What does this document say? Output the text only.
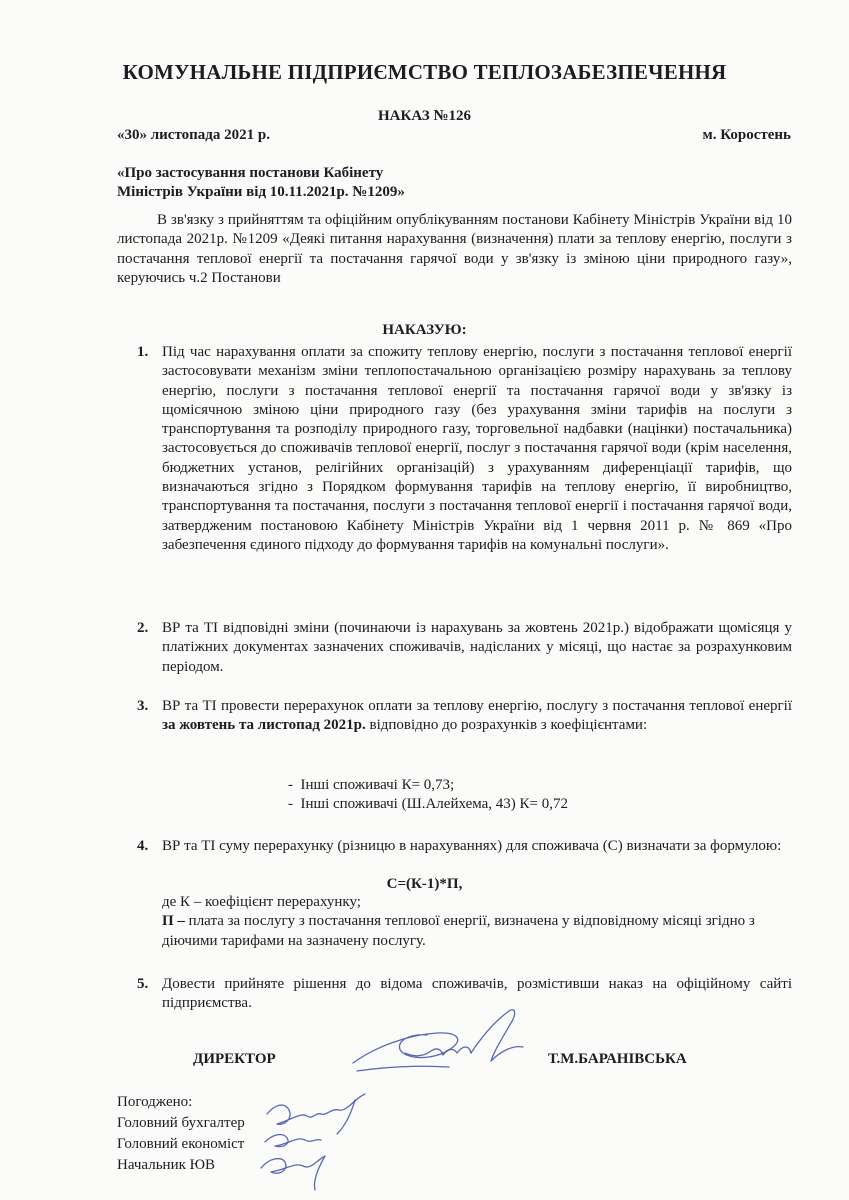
КОМУНАЛЬНЕ ПІДПРИЄМСТВО ТЕПЛОЗАБЕЗПЕЧЕННЯ
НАКАЗ №126
«30» листопада 2021 р.	м. Коростень
«Про застосування постанови Кабінету
Міністрів України від 10.11.2021р. №1209»
В зв'язку з прийняттям та офіційним опублікуванням постанови Кабінету Міністрів України від 10 листопада 2021р. №1209 «Деякі питання нарахування (визначення) плати за теплову енергію, послуги з постачання теплової енергії та постачання гарячої води у зв'язку із зміною ціни природного газу», керуючись ч.2 Постанови
НАКАЗУЮ:
1. Під час нарахування оплати за спожиту теплову енергію, послуги з постачання теплової енергії застосовувати механізм зміни теплопостачальною організацією розміру нарахувань за теплову енергію, послуги з постачання теплової енергії та постачання гарячої води у зв'язку із щомісячною зміною ціни природного газу (без урахування зміни тарифів на послуги з транспортування та розподілу природного газу, торговельної надбавки (націнки) постачальника) застосовується до споживачів теплової енергії, послуг з постачання гарячої води (крім населення, бюджетних установ, релігійних організацій) з урахуванням диференціації тарифів, що визначаються згідно з Порядком формування тарифів на теплову енергію, її виробництво, транспортування та постачання, послуги з постачання теплової енергії і постачання гарячої води, затвердженим постановою Кабінету Міністрів України від 1 червня 2011 р. № 869 «Про забезпечення єдиного підходу до формування тарифів на комунальні послуги».
2. ВР та ТІ відповідні зміни (починаючи із нарахувань за жовтень 2021р.) відображати щомісяця у платіжних документах зазначених споживачів, надісланих у місяці, що настає за розрахунковим періодом.
3. ВР та ТІ провести перерахунок оплати за теплову енергію, послугу з постачання теплової енергії за жовтень та листопад 2021р. відповідно до розрахунків з коефіцієнтами:
-  Інші споживачі К= 0,73;
-  Інші споживачі (Ш.Алейхема, 43) К= 0,72
4. ВР та ТІ суму перерахунку (різницю в нарахуваннях) для споживача (С) визначати за формулою:
С=(К-1)*П,
де К – коефіцієнт перерахунку;
П – плата за послугу з постачання теплової енергії, визначена у відповідному місяці згідно з діючими тарифами на зазначену послугу.
5. Довести прийняте рішення до відома споживачів, розмістивши наказ на офіційному сайті підприємства.
ДИРЕКТОР	Т.М.БАРАНІВСЬКА
Погоджено:
Головний бухгалтер
Головний економіст
Начальник ЮВ
